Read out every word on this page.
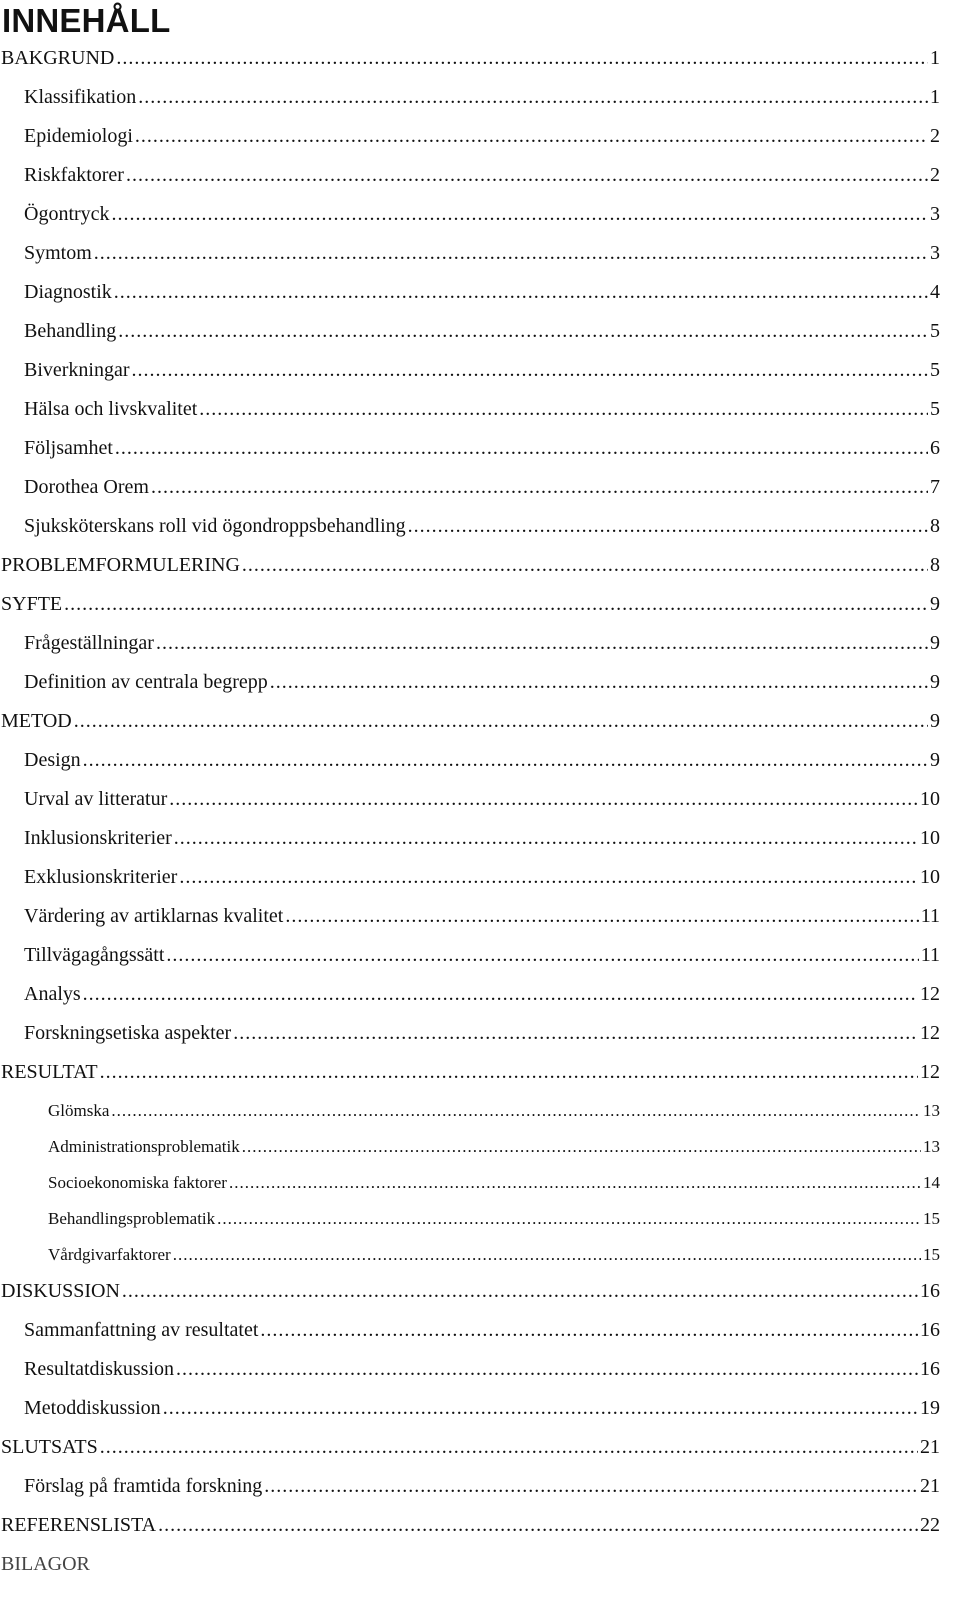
INNEHÅLL
BAKGRUND .....	1
Klassifikation .....	1
Epidemiologi .....	2
Riskfaktorer .....	2
Ögontryck .....	3
Symtom .....	3
Diagnostik .....	4
Behandling .....	5
Biverkningar .....	5
Hälsa och livskvalitet .....	5
Följsamhet .....	6
Dorothea Orem .....	7
Sjuksköterskans roll vid ögondroppsbehandling .....	8
PROBLEMFORMULERING .....	8
SYFTE .....	9
Frågeställningar .....	9
Definition av centrala begrepp .....	9
METOD .....	9
Design .....	9
Urval av litteratur .....	10
Inklusionskriterier .....	10
Exklusionskriterier .....	10
Värdering av artiklarnas kvalitet .....	11
Tillvägagångssätt .....	11
Analys .....	12
Forskningsetiska aspekter .....	12
RESULTAT .....	12
Glömska .....	13
Administrationsproblematik .....	13
Socioekonomiska faktorer .....	14
Behandlingsproblematik .....	15
Vårdgivarfaktorer .....	15
DISKUSSION .....	16
Sammanfattning av resultatet .....	16
Resultatdiskussion .....	16
Metoddiskussion .....	19
SLUTSATS .....	21
Förslag på framtida forskning .....	21
REFERENSLISTA .....	22
BILAGOR
